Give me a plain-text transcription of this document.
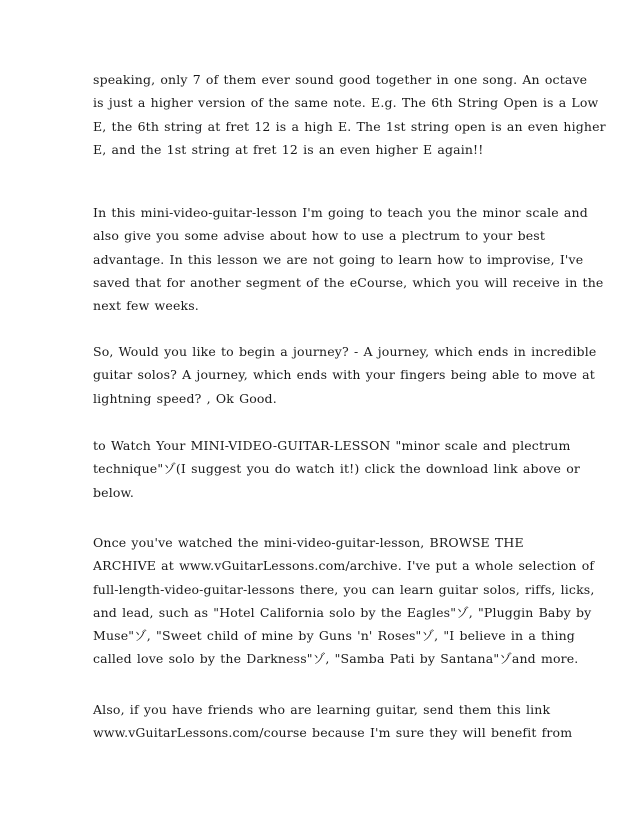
speaking, only 7 of them ever sound good together in one song. An octave
is just a higher version of the same note. E.g. The 6th String Open is a Low
E, the 6th string at fret 12 is a high E. The 1st string open is an even higher
E, and the 1st string at fret 12 is an even higher E again!!
In this mini-video-guitar-lesson I'm going to teach you the minor scale and
also give you some advise about how to use a plectrum to your best
advantage. In this lesson we are not going to learn how to improvise, I've
saved that for another segment of the eCourse, which you will receive in the
next few weeks.
So, Would you like to begin a journey? - A journey, which ends in incredible
guitar solos? A journey, which ends with your fingers being able to move at
lightning speed? , Ok Good.
to Watch Your MINI-VIDEO-GUITAR-LESSON "minor scale and plectrum
technique"ゾ(I suggest you do watch it!) click the download link above or
below.
Once you've watched the mini-video-guitar-lesson, BROWSE THE
ARCHIVE at www.vGuitarLessons.com/archive. I've put a whole selection of
full-length-video-guitar-lessons there, you can learn guitar solos, riffs, licks,
and lead, such as "Hotel California solo by the Eagles"ゾ, "Pluggin Baby by
Muse"ゾ, "Sweet child of mine by Guns 'n' Roses"ゾ, "I believe in a thing
called love solo by the Darkness"ゾ, "Samba Pati by Santana"ゾand more.
Also, if you have friends who are learning guitar, send them this link
www.vGuitarLessons.com/course because I'm sure they will benefit from
